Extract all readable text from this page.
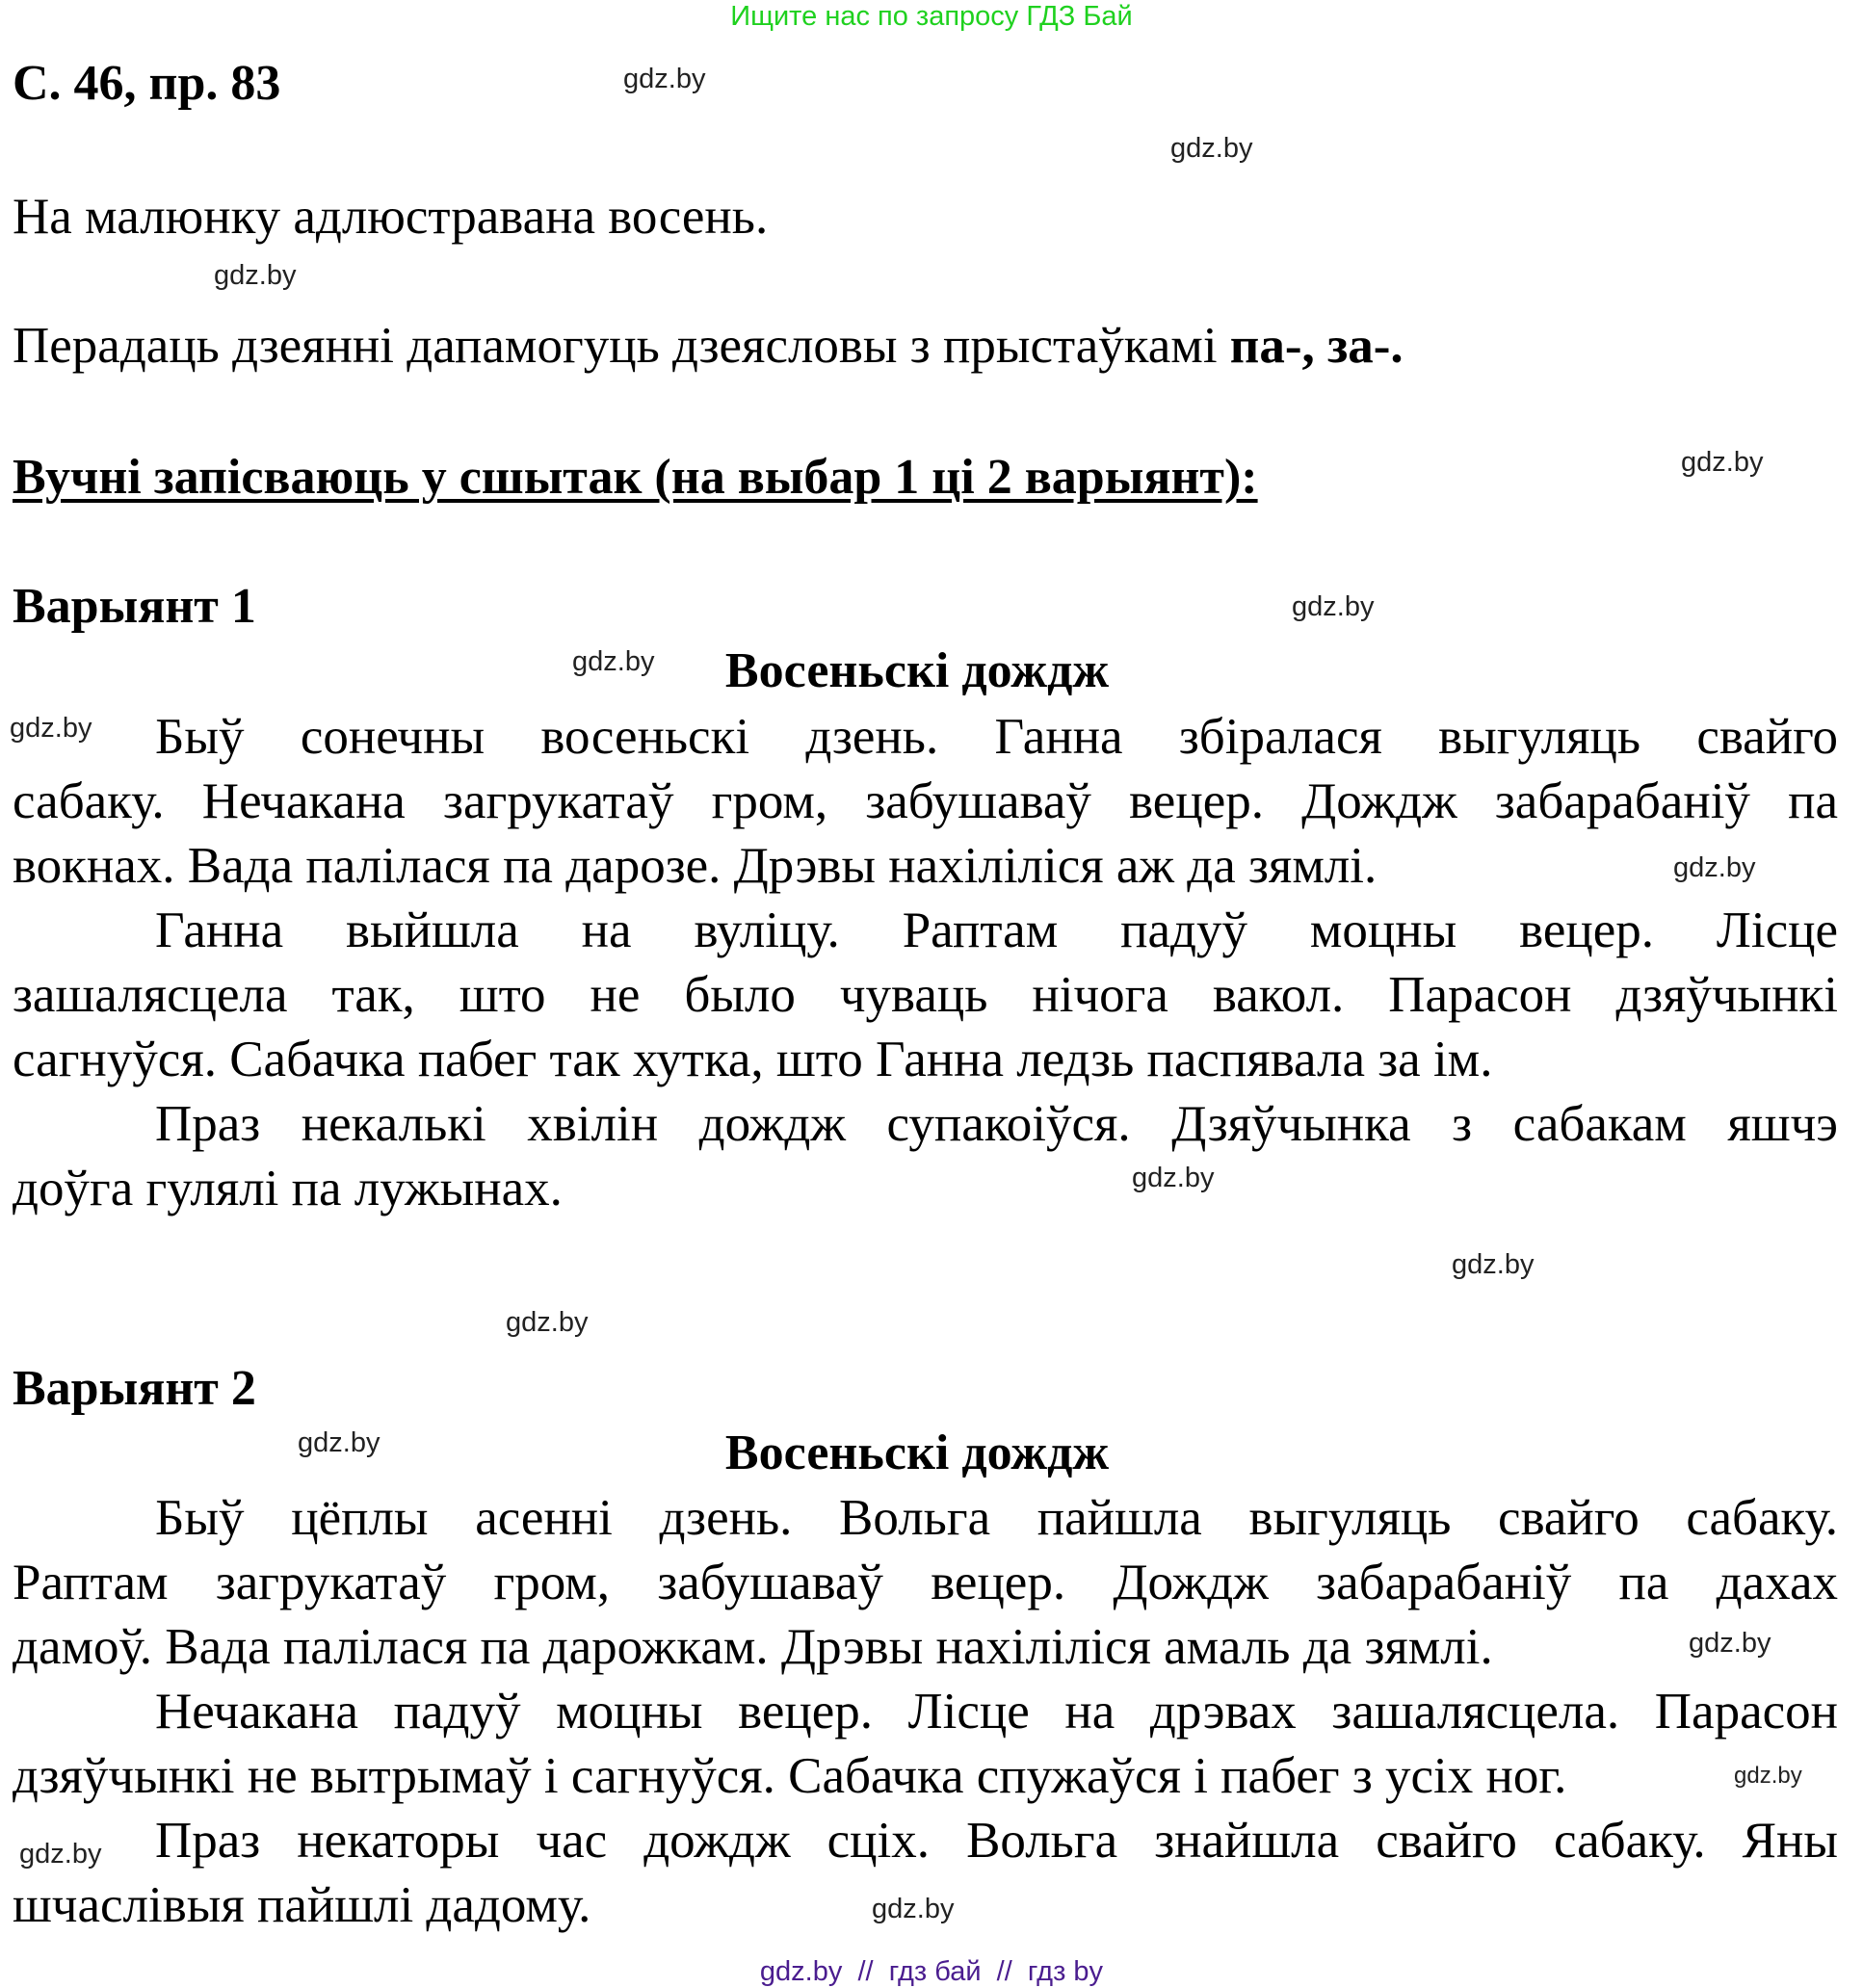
Ищите нас по запросу ГДЗ Бай
С. 46, пр. 83
На малюнку адлюстравана восень.
Перадаць дзеянні дапамогуць дзеясловы з прыстаўкамі па-, за-.
Вучні запісваюць у сшытак (на выбар 1 ці 2 варыянт):
Варыянт 1
Восеньскі дождж
Быў сонечны восеньскі дзень. Ганна збіралася выгуляць свайго
сабаку. Нечакана загрукатаў гром, забушаваў вецер. Дождж забарабаніў па
вокнах. Вада палілася па дарозе. Дрэвы нахіліліся аж да зямлі.
Ганна выйшла на вуліцу. Раптам падуў моцны вецер. Лісце
зашалясцела так, што не было чуваць нічога вакол. Парасон дзяўчынкі
сагнуўся. Сабачка пабег так хутка, што Ганна ледзь паспявала за ім.
Праз некалькі хвілін дождж супакоіўся. Дзяўчынка з сабакам яшчэ
доўга гулялі па лужынах.
Варыянт 2
Восеньскі дождж
Быў цёплы асенні дзень. Вольга пайшла выгуляць свайго сабаку.
Раптам загрукатаў гром, забушаваў вецер. Дождж забарабаніў па дахах
дамоў. Вада палілася па дарожкам. Дрэвы нахіліліся амаль да зямлі.
Нечакана падуў моцны вецер. Лісце на дрэвах зашалясцела. Парасон
дзяўчынкі не вытрымаў і сагнуўся. Сабачка спужаўся і пабег з усіх ног.
Праз некаторы час дождж сціх. Вольга знайшла свайго сабаку. Яны
шчаслівыя пайшлі дадому.
gdz.by
gdz.by
gdz.by
gdz.by
gdz.by
gdz.by
gdz.by
gdz.by
gdz.by
gdz.by
gdz.by
gdz.by
gdz.by
gdz.by
gdz.by
gdz.by
gdz.by  //  гдз бай  //  гдз by
